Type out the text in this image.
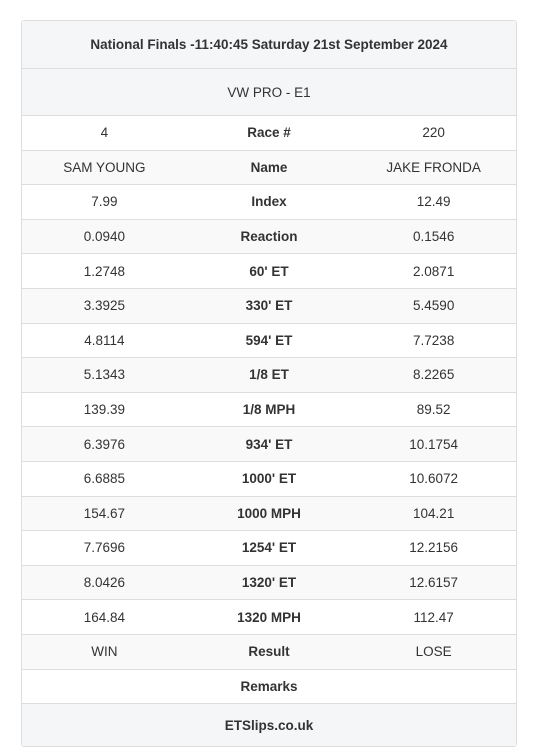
National Finals -11:40:45 Saturday 21st September 2024
VW PRO - E1
4	Race #	220
SAM YOUNG	Name	JAKE FRONDA
7.99	Index	12.49
0.0940	Reaction	0.1546
1.2748	60' ET	2.0871
3.3925	330' ET	5.4590
4.8114	594' ET	7.7238
5.1343	1/8 ET	8.2265
139.39	1/8 MPH	89.52
6.3976	934' ET	10.1754
6.6885	1000' ET	10.6072
154.67	1000 MPH	104.21
7.7696	1254' ET	12.2156
8.0426	1320' ET	12.6157
164.84	1320 MPH	112.47
WIN	Result	LOSE
Remarks
ETSlips.co.uk
